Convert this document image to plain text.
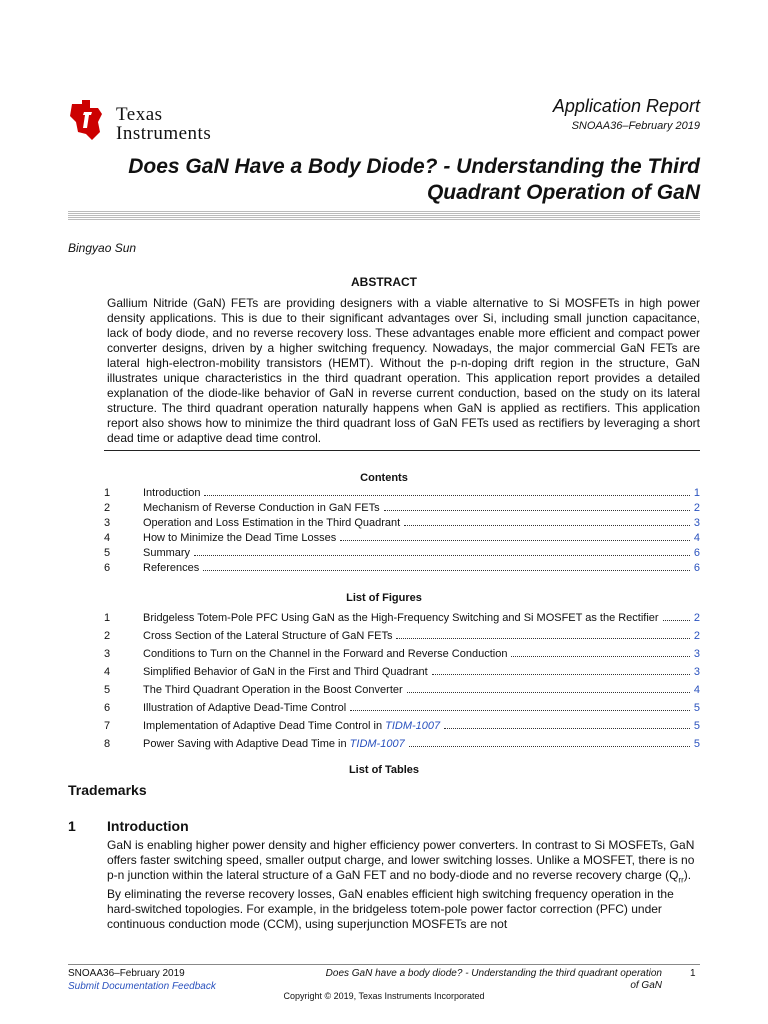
Texas
Instruments
Application Report
SNOAA36–February 2019
Does GaN Have a Body Diode? - Understanding the Third
Quadrant Operation of GaN
Bingyao Sun
ABSTRACT
Gallium Nitride (GaN) FETs are providing designers with a viable alternative to Si MOSFETs in high power density applications. This is due to their significant advantages over Si, including small junction capacitance, lack of body diode, and no reverse recovery loss. These advantages enable more efficient and compact power converter designs, driven by a higher switching frequency. Nowadays, the major commercial GaN FETs are lateral high-electron-mobility transistors (HEMT). Without the p-n-doping drift region in the structure, GaN illustrates unique characteristics in the third quadrant operation. This application report provides a detailed explanation of the diode-like behavior of GaN in reverse current conduction, based on the study on its lateral structure. The third quadrant operation naturally happens when GaN is applied as rectifiers. This application report also shows how to minimize the third quadrant loss of GaN FETs used as rectifiers by leveraging a short dead time or adaptive dead time control.
Contents
1	Introduction	1
2	Mechanism of Reverse Conduction in GaN FETs	2
3	Operation and Loss Estimation in the Third Quadrant	3
4	How to Minimize the Dead Time Losses	4
5	Summary	6
6	References	6
List of Figures
1	Bridgeless Totem-Pole PFC Using GaN as the High-Frequency Switching and Si MOSFET as the Rectifier	2
2	Cross Section of the Lateral Structure of GaN FETs	2
3	Conditions to Turn on the Channel in the Forward and Reverse Conduction	3
4	Simplified Behavior of GaN in the First and Third Quadrant	3
5	The Third Quadrant Operation in the Boost Converter	4
6	Illustration of Adaptive Dead-Time Control	5
7	Implementation of Adaptive Dead Time Control in TIDM-1007	5
8	Power Saving with Adaptive Dead Time in TIDM-1007	5
List of Tables
Trademarks
1 Introduction
GaN is enabling higher power density and higher efficiency power converters. In contrast to Si MOSFETs, GaN offers faster switching speed, smaller output charge, and lower switching losses. Unlike a MOSFET, there is no p-n junction within the lateral structure of a GaN FET and no body-diode and no reverse recovery charge $(Q_{rr})$. By eliminating the reverse recovery losses, GaN enables efficient high switching frequency operation in the hard-switched topologies. For example, in the bridgeless totem-pole power factor correction (PFC) under continuous conduction mode (CCM), using superjunction MOSFETs are not
SNOAA36–February 2019
Submit Documentation Feedback
Does GaN have a body diode? - Understanding the third quadrant operation
of GaN
1
Copyright © 2019, Texas Instruments Incorporated
